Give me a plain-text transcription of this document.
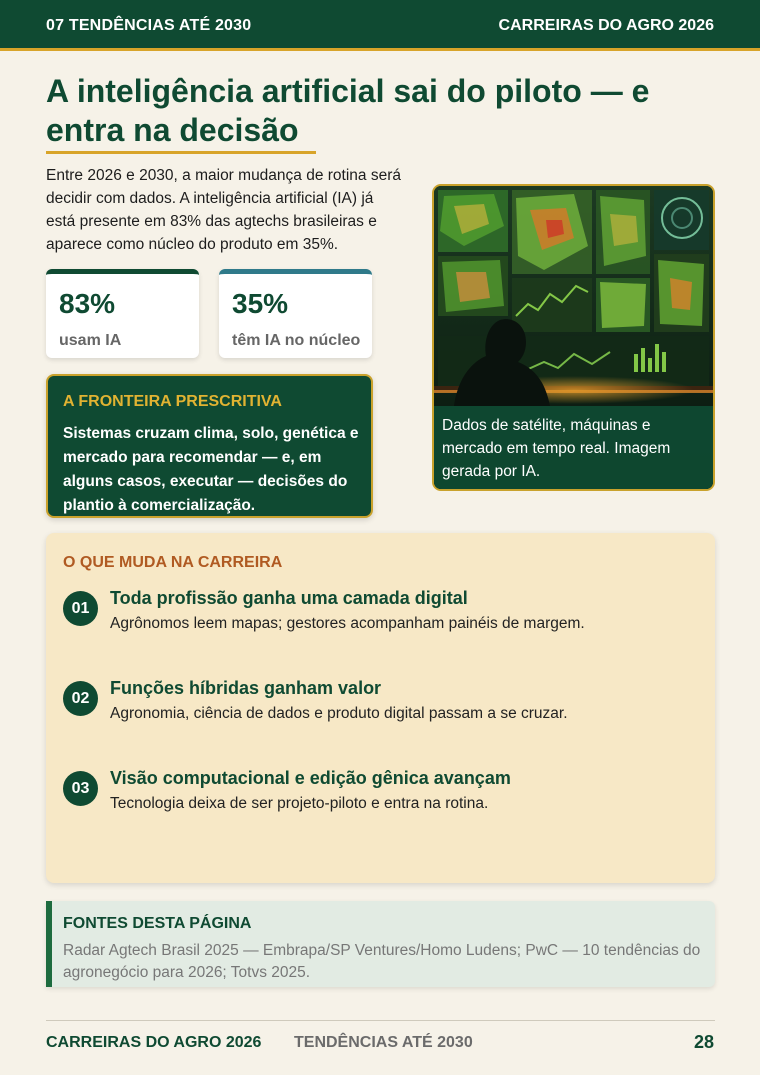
07 TENDÊNCIAS ATÉ 2030	CARREIRAS DO AGRO 2026
A inteligência artificial sai do piloto — e entra na decisão

Entre 2026 e 2030, a maior mudança de rotina será decidir com dados. A inteligência artificial (IA) já está presente em 83% das agtechs brasileiras e aparece como núcleo do produto em 35%.

83%
usam IA
35%
têm IA no núcleo
A FRONTEIRA PRESCRITIVA
Sistemas cruzam clima, solo, genética e mercado para recomendar — e, em alguns casos, executar — decisões do plantio à comercialização.
Dados de satélite, máquinas e mercado em tempo real. Imagem gerada por IA.
O QUE MUDA NA CARREIRA
01
Toda profissão ganha uma camada digital
Agrônomos leem mapas; gestores acompanham painéis de margem.
02
Funções híbridas ganham valor
Agronomia, ciência de dados e produto digital passam a se cruzar.
03
Visão computacional e edição gênica avançam
Tecnologia deixa de ser projeto-piloto e entra na rotina.
FONTES DESTA PÁGINA
Radar Agtech Brasil 2025 — Embrapa/SP Ventures/Homo Ludens; PwC — 10 tendências do agronegócio para 2026; Totvs 2025.
CARREIRAS DO AGRO 2026 TENDÊNCIAS ATÉ 2030	28
